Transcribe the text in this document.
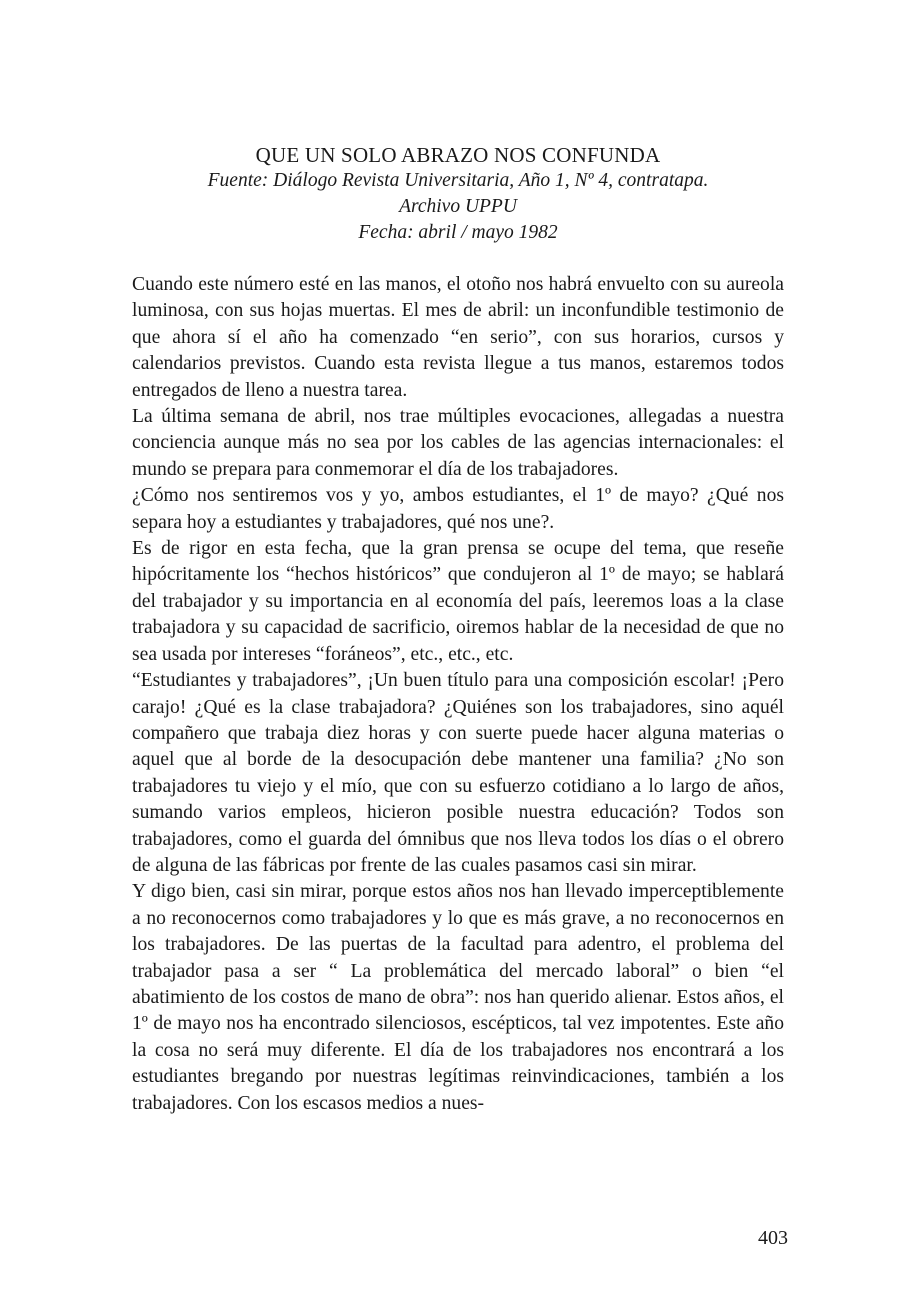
QUE UN SOLO ABRAZO NOS CONFUNDA
Fuente: Diálogo Revista Universitaria, Año 1, Nº 4, contratapa.
Archivo UPPU
Fecha: abril / mayo 1982

Cuando este número esté en las manos, el otoño nos habrá envuelto con su aureola luminosa, con sus hojas muertas. El mes de abril: un inconfundible testimonio de que ahora sí el año ha comenzado “en serio”, con sus horarios, cursos y calendarios previstos. Cuando esta revista llegue a tus manos, estaremos todos entregados de lleno a nuestra tarea.

La última semana de abril, nos trae múltiples evocaciones, allegadas a nuestra conciencia aunque más no sea por los cables de las agencias internacionales: el mundo se prepara para conmemorar el día de los trabajadores.

¿Cómo nos sentiremos vos y yo, ambos estudiantes, el 1º de mayo? ¿Qué nos separa hoy a estudiantes y trabajadores, qué nos une?.

Es de rigor en esta fecha, que la gran prensa se ocupe del tema, que reseñe hipócritamente los “hechos históricos” que condujeron al 1º de mayo; se hablará del trabajador y su importancia en al economía del país, leeremos loas a la clase trabajadora y su capacidad de sacrificio, oiremos hablar de la necesidad de que no sea usada por intereses “foráneos”, etc., etc., etc.

“Estudiantes y trabajadores”, ¡Un buen título para una composición escolar! ¡Pero carajo! ¿Qué es la clase trabajadora? ¿Quiénes son los trabajadores, sino aquél compañero que trabaja diez horas y con suerte puede hacer alguna materias o aquel que al borde de la desocupación debe mantener una familia? ¿No son trabajadores tu viejo y el mío, que con su esfuerzo cotidiano a lo largo de años, sumando varios empleos, hicieron posible nuestra educación? Todos son trabajadores, como el guarda del ómnibus que nos lleva todos los días o el obrero de alguna de las fábricas por frente de las cuales pasamos casi sin mirar.

Y digo bien, casi sin mirar, porque estos años nos han llevado imperceptiblemente a no reconocernos como trabajadores y lo que es más grave, a no reconocernos en los trabajadores. De las puertas de la facultad para adentro, el problema del trabajador pasa a ser “ La problemática del mercado laboral” o bien “el abatimiento de los costos de mano de obra”: nos han querido alienar. Estos años, el 1º de mayo nos ha encontrado silenciosos, escépticos, tal vez impotentes. Este año la cosa no será muy diferente. El día de los trabajadores nos encontrará a los estudiantes bregando por nuestras legítimas reinvindicaciones, también a los trabajadores. Con los escasos medios a nues-

403
